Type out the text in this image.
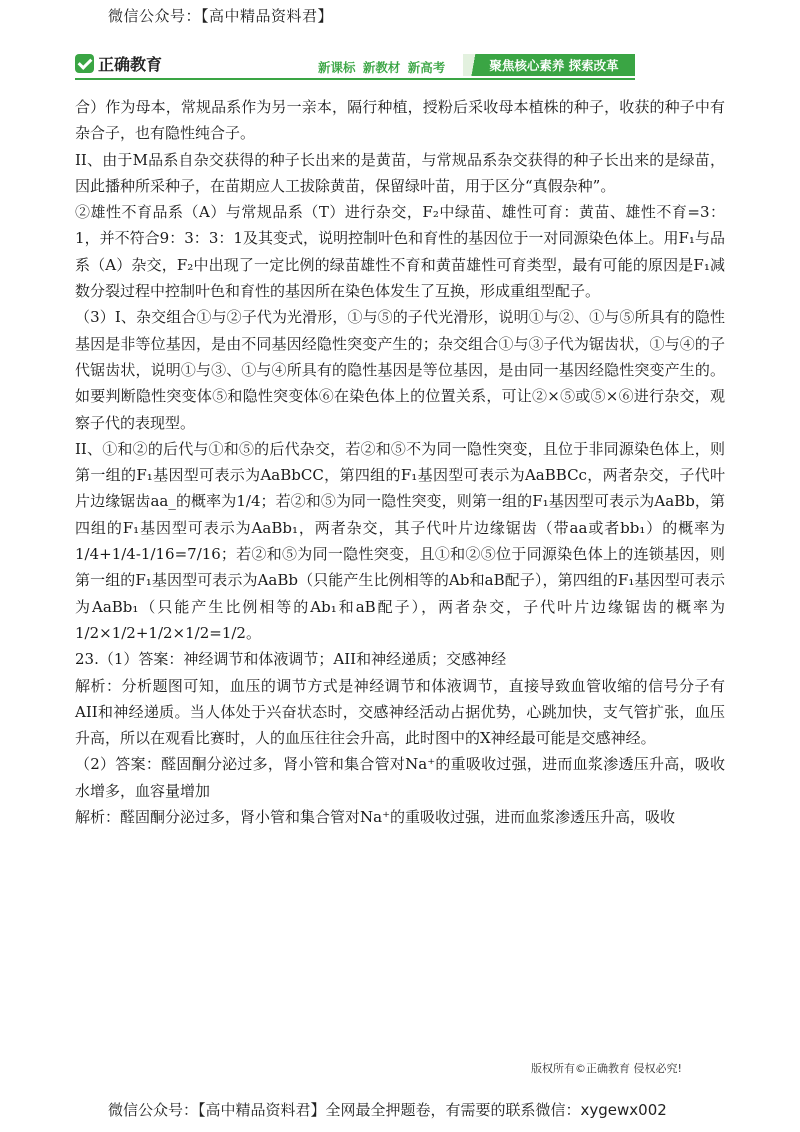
微信公众号：【高中精品资料君】
正确教育	新课标 新教材 新高考	聚焦核心素养 探索改革

合）作为母本，常规品系作为另一亲本，隔行种植，授粉后采收母本植株的种子，收获的种子中有杂合子，也有隐性纯合子。

II、由于M品系自杂交获得的种子长出来的是黄苗，与常规品系杂交获得的种子长出来的是绿苗，因此播种所采种子，在苗期应人工拔除黄苗，保留绿叶苗，用于区分“真假杂种”。

②雄性不育品系（A）与常规品系（T）进行杂交，F₂中绿苗、雄性可育：黄苗、雄性不育=3：1，并不符合9：3：3：1及其变式，说明控制叶色和育性的基因位于一对同源染色体上。用F₁与品系（A）杂交，F₂中出现了一定比例的绿苗雄性不育和黄苗雄性可育类型，最有可能的原因是F₁减数分裂过程中控制叶色和育性的基因所在染色体发生了互换，形成重组型配子。

（3）I、杂交组合①与②子代为光滑形，①与⑤的子代光滑形，说明①与②、①与⑤所具有的隐性基因是非等位基因，是由不同基因经隐性突变产生的；杂交组合①与③子代为锯齿状，①与④的子代锯齿状，说明①与③、①与④所具有的隐性基因是等位基因，是由同一基因经隐性突变产生的。如要判断隐性突变体⑤和隐性突变体⑥在染色体上的位置关系，可让②×⑤或⑤×⑥进行杂交，观察子代的表现型。

II、①和②的后代与①和⑤的后代杂交，若②和⑤不为同一隐性突变，且位于非同源染色体上，则第一组的F₁基因型可表示为AaBbCC，第四组的F₁基因型可表示为AaBBCc，两者杂交，子代叶片边缘锯齿aa_的概率为1/4；若②和⑤为同一隐性突变，则第一组的F₁基因型可表示为AaBb，第四组的F₁基因型可表示为AaBb₁，两者杂交，其子代叶片边缘锯齿（带aa或者bb₁）的概率为1/4+1/4-1/16=7/16；若②和⑤为同一隐性突变，且①和②⑤位于同源染色体上的连锁基因，则第一组的F₁基因型可表示为AaBb（只能产生比例相等的Ab和aB配子），第四组的F₁基因型可表示为AaBb₁（只能产生比例相等的Ab₁和aB配子），两者杂交，子代叶片边缘锯齿的概率为1/2×1/2+1/2×1/2=1/2。

23.（1）答案：神经调节和体液调节；AII和神经递质；交感神经

解析：分析题图可知，血压的调节方式是神经调节和体液调节，直接导致血管收缩的信号分子有AII和神经递质。当人体处于兴奋状态时，交感神经活动占据优势，心跳加快，支气管扩张，血压升高，所以在观看比赛时，人的血压往往会升高，此时图中的X神经最可能是交感神经。

（2）答案：醛固酮分泌过多，肾小管和集合管对Na⁺的重吸收过强，进而血浆渗透压升高，吸收水增多，血容量增加

解析：醛固酮分泌过多，肾小管和集合管对Na⁺的重吸收过强，进而血浆渗透压升高，吸收

版权所有©正确教育 侵权必究!
微信公众号：【高中精品资料君】全网最全押题卷，有需要的联系微信：xygewx002
